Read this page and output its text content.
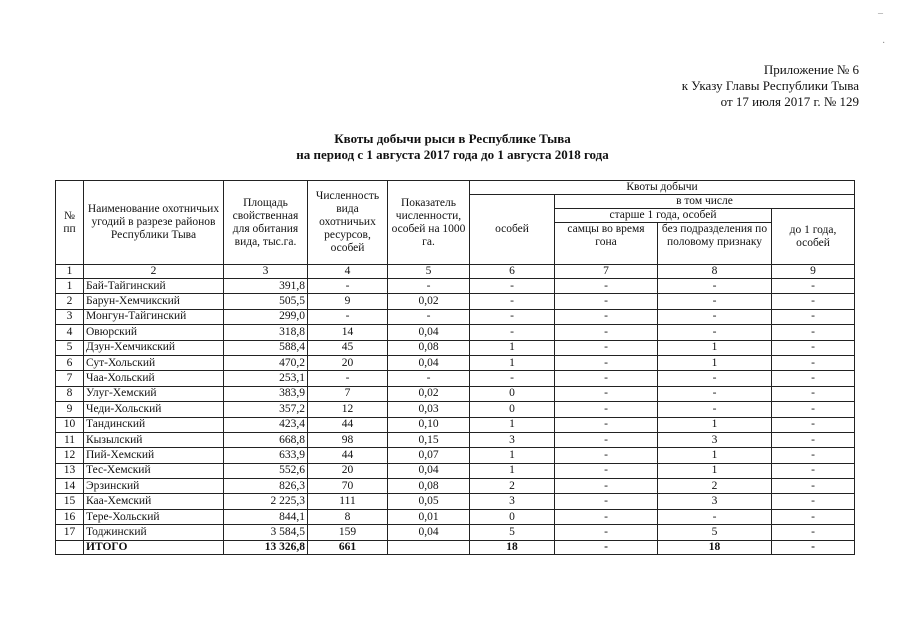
–
·
Приложение № 6
к Указу Главы Республики Тыва
от 17 июля 2017 г. № 129
Квоты добычи рыси в Республике Тыва
на период с 1 августа 2017 года до 1 августа 2018 года
№ пп	Наименование охотничьих угодий в разрезе районов Республики Тыва	Площадь свойственная для обитания вида, тыс.га.	Численность вида охотничьих ресурсов, особей	Показатель численности, особей на 1000 га.	Квоты добычи			
					особей	в том числе		
						старше 1 года, особей		до 1 года, особей
						самцы во время гона	без подразделения по половому признаку	
1	2	3	4	5	6	7	8	9
1	Бай-Тайгинский	391,8	-	-	-	-	-	-
2	Барун-Хемчикский	505,5	9	0,02	-	-	-	-
3	Монгун-Тайгинский	299,0	-	-	-	-	-	-
4	Овюрский	318,8	14	0,04	-	-	-	-
5	Дзун-Хемчикский	588,4	45	0,08	1	-	1	-
6	Сут-Хольский	470,2	20	0,04	1	-	1	-
7	Чаа-Хольский	253,1	-	-	-	-	-	-
8	Улуг-Хемский	383,9	7	0,02	0	-	-	-
9	Чеди-Хольский	357,2	12	0,03	0	-	-	-
10	Тандинский	423,4	44	0,10	1	-	1	-
11	Кызылский	668,8	98	0,15	3	-	3	-
12	Пий-Хемский	633,9	44	0,07	1	-	1	-
13	Тес-Хемский	552,6	20	0,04	1	-	1	-
14	Эрзинский	826,3	70	0,08	2	-	2	-
15	Каа-Хемский	2 225,3	111	0,05	3	-	3	-
16	Тере-Хольский	844,1	8	0,01	0	-	-	-
17	Тоджинский	3 584,5	159	0,04	5	-	5	-
	ИТОГО	13 326,8	661		18	-	18	-
